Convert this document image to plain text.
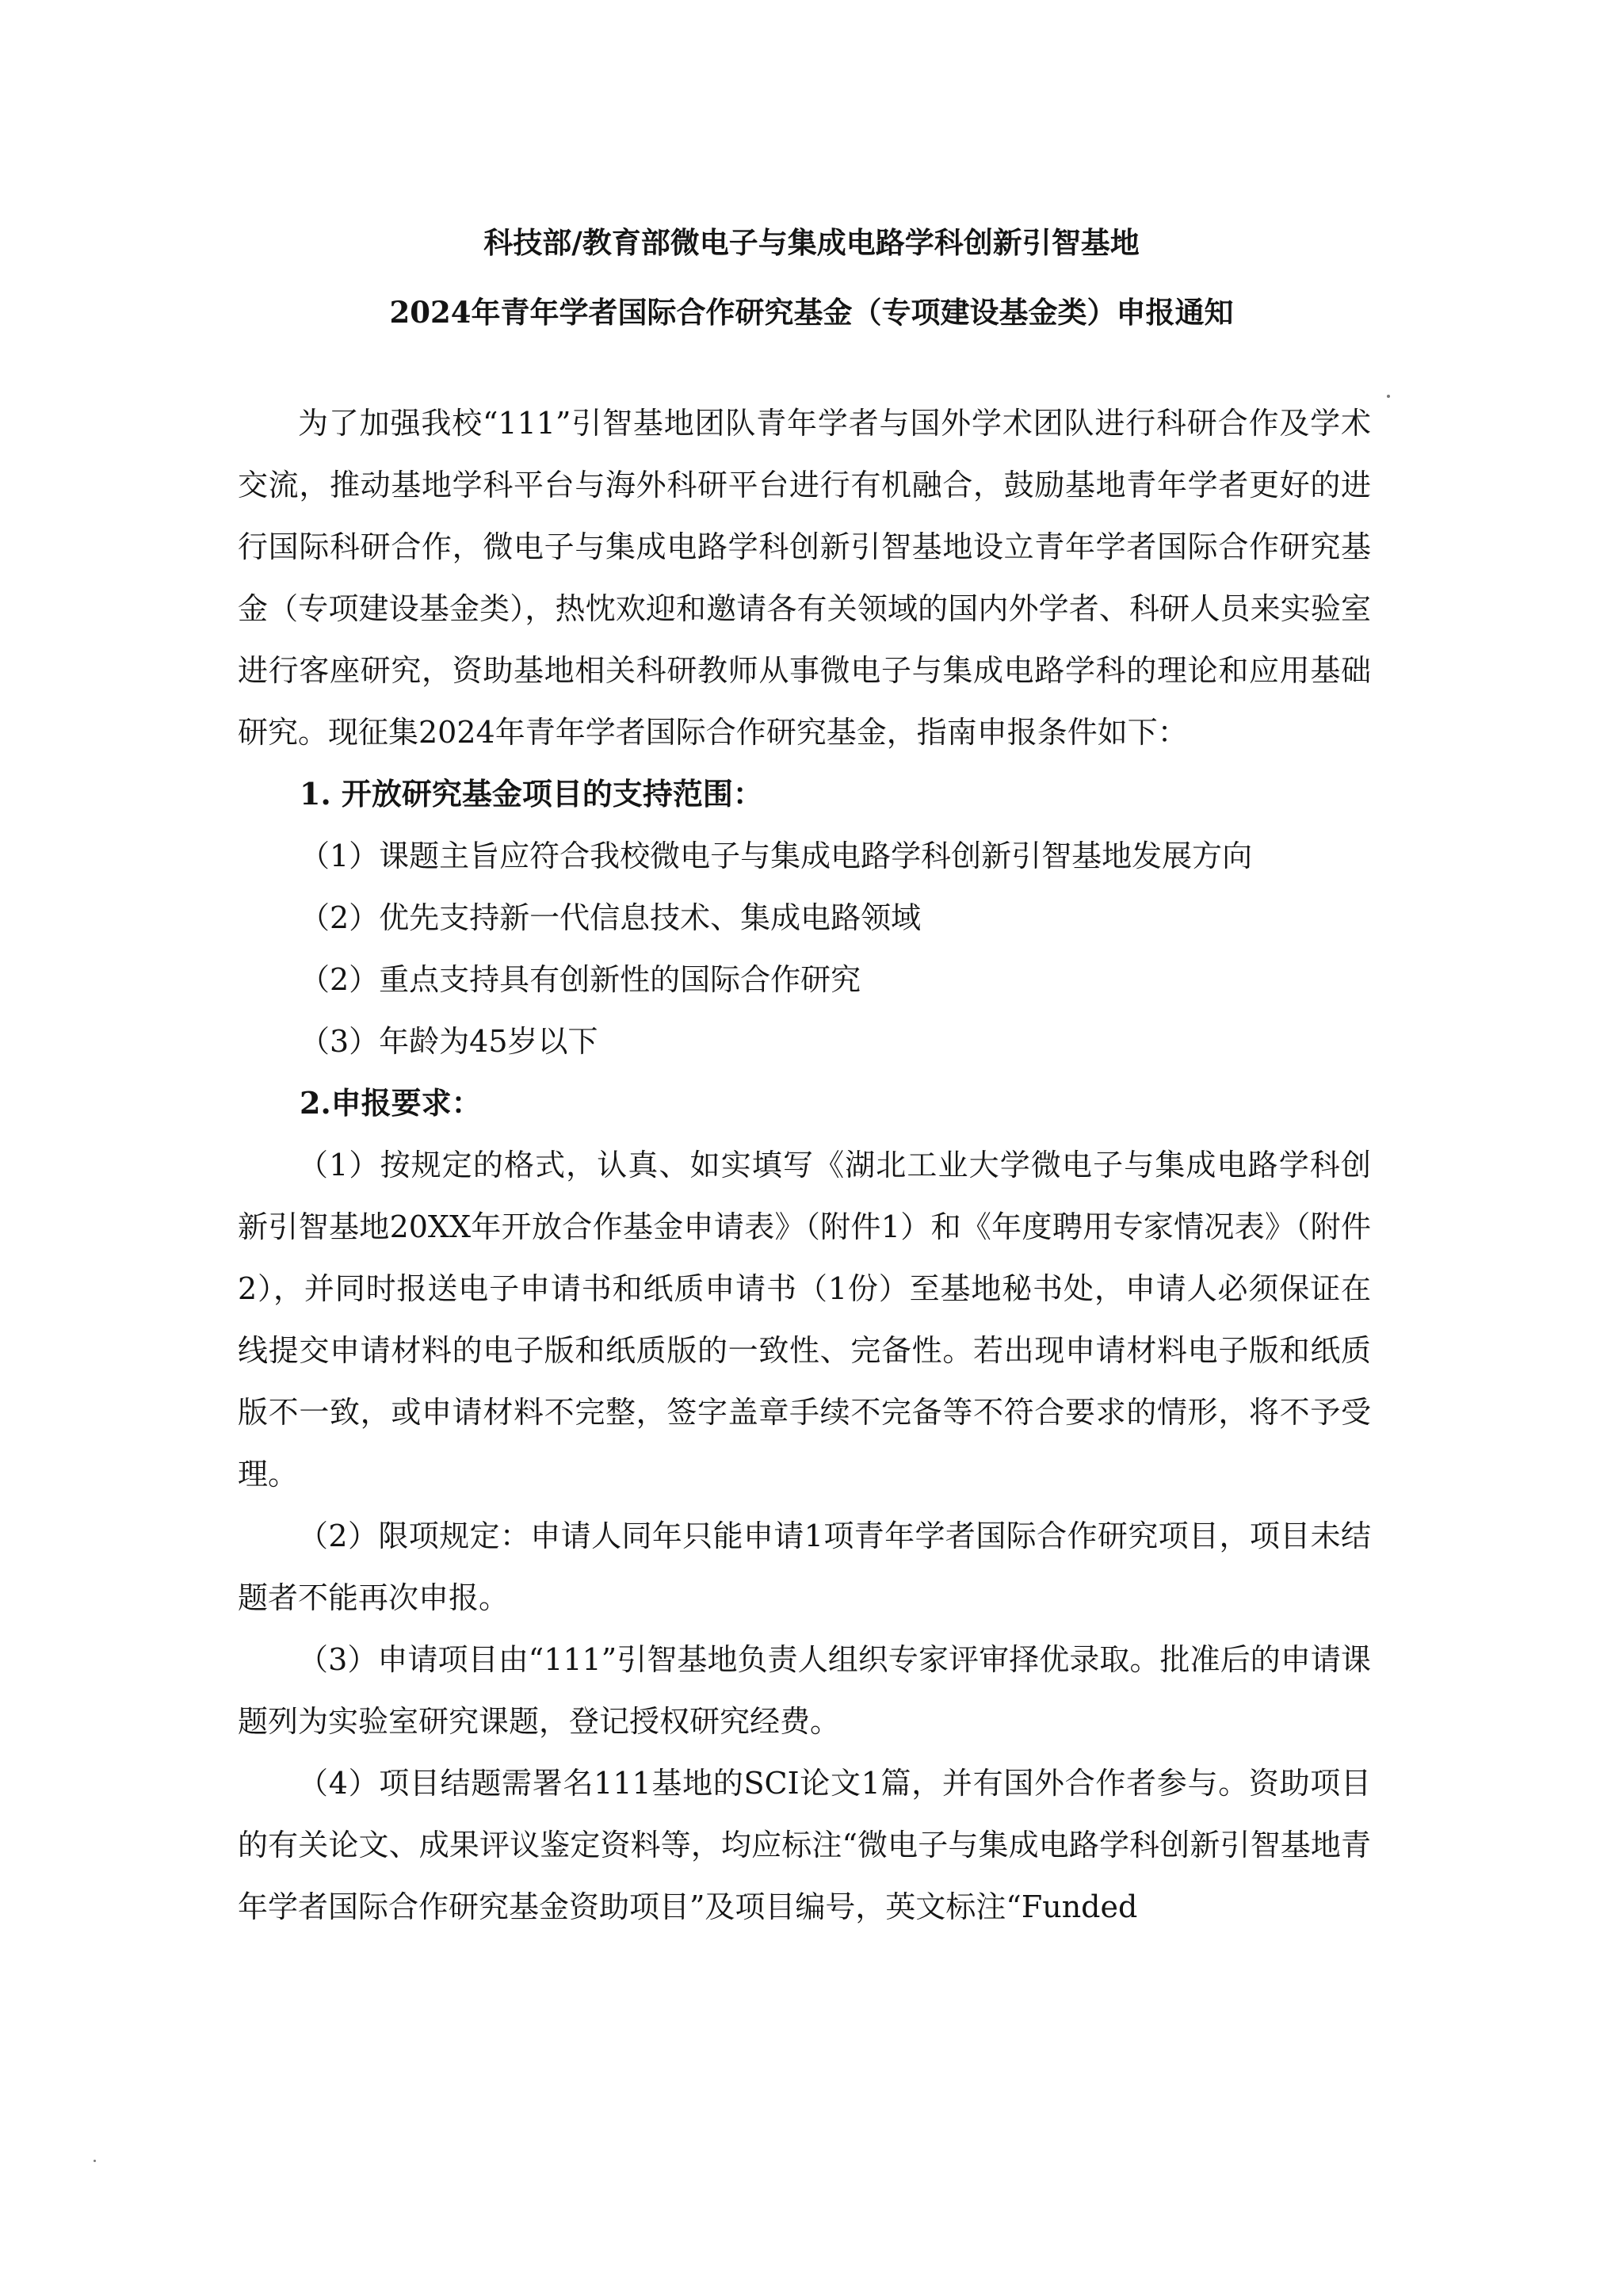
科技部/教育部微电子与集成电路学科创新引智基地
2024年青年学者国际合作研究基金（专项建设基金类）申报通知

为了加强我校“111”引智基地团队青年学者与国外学术团队进行科研合作及学术交流，推动基地学科平台与海外科研平台进行有机融合，鼓励基地青年学者更好的进行国际科研合作，微电子与集成电路学科创新引智基地设立青年学者国际合作研究基金（专项建设基金类），热忱欢迎和邀请各有关领域的国内外学者、科研人员来实验室进行客座研究，资助基地相关科研教师从事微电子与集成电路学科的理论和应用基础研究。现征集2024年青年学者国际合作研究基金，指南申报条件如下：

1. 开放研究基金项目的支持范围：

（1）课题主旨应符合我校微电子与集成电路学科创新引智基地发展方向

（2）优先支持新一代信息技术、集成电路领域

（2）重点支持具有创新性的国际合作研究

（3）年龄为45岁以下

2.申报要求：

（1）按规定的格式，认真、如实填写《湖北工业大学微电子与集成电路学科创新引智基地20XX年开放合作基金申请表》（附件1）和《年度聘用专家情况表》（附件2），并同时报送电子申请书和纸质申请书（1份）至基地秘书处，申请人必须保证在线提交申请材料的电子版和纸质版的一致性、完备性。若出现申请材料电子版和纸质版不一致，或申请材料不完整，签字盖章手续不完备等不符合要求的情形，将不予受理。

（2）限项规定：申请人同年只能申请1项青年学者国际合作研究项目，项目未结题者不能再次申报。

（3）申请项目由“111”引智基地负责人组织专家评审择优录取。批准后的申请课题列为实验室研究课题，登记授权研究经费。

（4）项目结题需署名111基地的SCI论文1篇，并有国外合作者参与。资助项目的有关论文、成果评议鉴定资料等，均应标注“微电子与集成电路学科创新引智基地青年学者国际合作研究基金资助项目”及项目编号，英文标注“Funded
